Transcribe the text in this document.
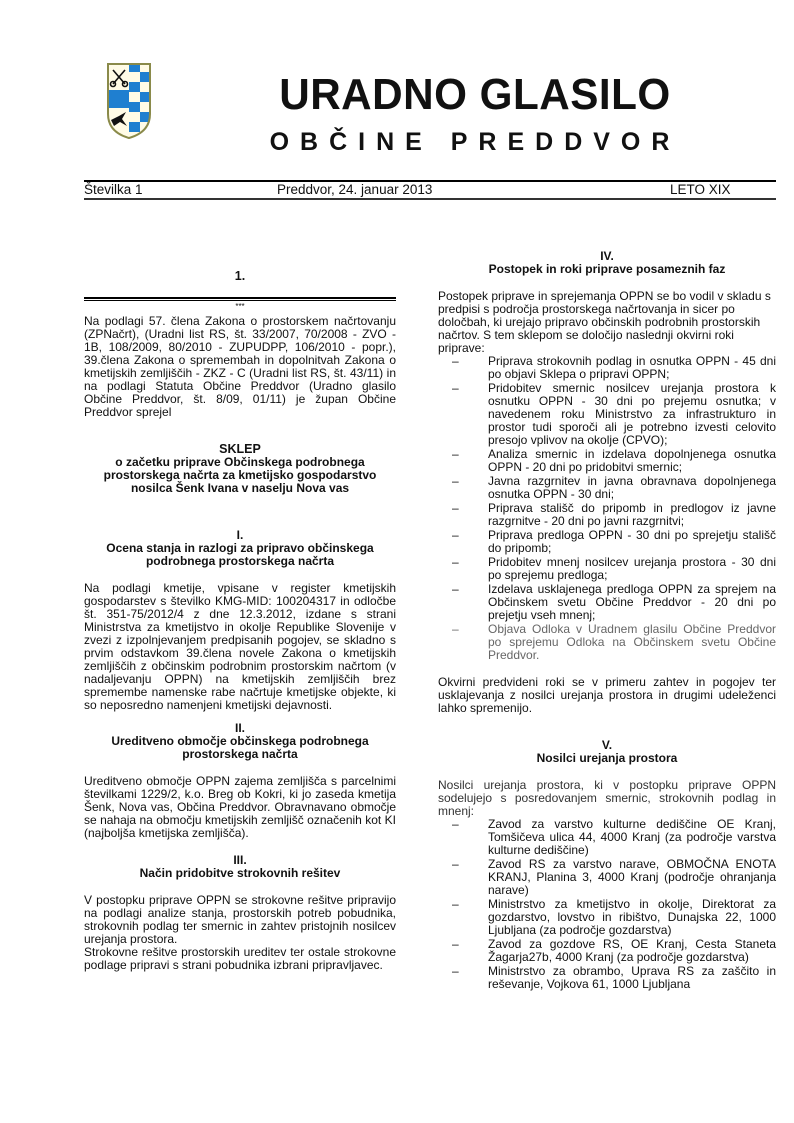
URADNO GLASILO
OBČINE PREDDVOR
Številka 1	Preddvor, 24. januar 2013	LETO XIX
1.
***

Na podlagi 57. člena Zakona o prostorskem načrtovanju (ZPNačrt), (Uradni list RS, št. 33/2007, 70/2008 - ZVO - 1B, 108/2009, 80/2010 - ZUPUDPP, 106/2010 - popr.), 39.člena Zakona o spremembah in dopolnitvah Zakona o kmetijskih zemljiščih - ZKZ - C (Uradni list RS, št. 43/11) in na podlagi Statuta Občine Preddvor (Uradno glasilo Občine Preddvor, št. 8/09, 01/11) je župan Občine Preddvor sprejel

SKLEP
o začetku priprave Občinskega podrobnega prostorskega načrta za kmetijsko gospodarstvo nosilca Šenk Ivana v naselju Nova vas
I.
Ocena stanja in razlogi za pripravo občinskega podrobnega prostorskega načrta

Na podlagi kmetije, vpisane v register kmetijskih gospodarstev s številko KMG-MID: 100204317 in odločbe št. 351-75/2012/4 z dne 12.3.2012, izdane s strani Ministrstva za kmetijstvo in okolje Republike Slovenije v zvezi z izpolnjevanjem predpisanih pogojev, se skladno s prvim odstavkom 39.člena novele Zakona o kmetijskih zemljiščih z občinskim podrobnim prostorskim načrtom (v nadaljevanju OPPN) na kmetijskih zemljiščih brez spremembe namenske rabe načrtuje kmetijske objekte, ki so neposredno namenjeni kmetijski dejavnosti.

II.
Ureditveno območje občinskega podrobnega prostorskega načrta

Ureditveno območje OPPN zajema zemljišča s parcelnimi številkami 1229/2, k.o. Breg ob Kokri, ki jo zaseda kmetija Šenk, Nova vas, Občina Preddvor. Obravnavano območje se nahaja na območju kmetijskih zemljišč označenih kot KI (najboljša kmetijska zemljišča).

III.
Način pridobitve strokovnih rešitev

V postopku priprave OPPN se strokovne rešitve pripravijo na podlagi analize stanja, prostorskih potreb pobudnika, strokovnih podlag ter smernic in zahtev pristojnih nosilcev urejanja prostora.

Strokovne rešitve prostorskih ureditev ter ostale strokovne podlage pripravi s strani pobudnika izbrani pripravljavec.

IV.
Postopek in roki priprave posameznih faz

Postopek priprave in sprejemanja OPPN se bo vodil v skladu s predpisi s področja prostorskega načrtovanja in sicer po določbah, ki urejajo pripravo občinskih podrobnih prostorskih načrtov. S tem sklepom se določijo naslednji okvirni roki priprave:

– Priprava strokovnih podlag in osnutka OPPN - 45 dni po objavi Sklepa o pripravi OPPN;
– Pridobitev smernic nosilcev urejanja prostora k osnutku OPPN - 30 dni po prejemu osnutka; v navedenem roku Ministrstvo za infrastrukturo in prostor tudi sporoči ali je potrebno izvesti celovito presojo vplivov na okolje (CPVO);
– Analiza smernic in izdelava dopolnjenega osnutka OPPN - 20 dni po pridobitvi smernic;
– Javna razgrnitev in javna obravnava dopolnjenega osnutka OPPN - 30 dni;
– Priprava stališč do pripomb in predlogov iz javne razgrnitve - 20 dni po javni razgrnitvi;
– Priprava predloga OPPN - 30 dni po sprejetju stališč do pripomb;
– Pridobitev mnenj nosilcev urejanja prostora - 30 dni po sprejemu predloga;
– Izdelava usklajenega predloga OPPN za sprejem na Občinskem svetu Občine Preddvor - 20 dni po prejetju vseh mnenj;
– Objava Odloka v Uradnem glasilu Občine Preddvor po sprejemu Odloka na Občinskem svetu Občine Preddvor.

Okvirni predvideni roki se v primeru zahtev in pogojev ter usklajevanja z nosilci urejanja prostora in drugimi udeleženci lahko spremenijo.

V.
Nosilci urejanja prostora

Nosilci urejanja prostora, ki v postopku priprave OPPN sodelujejo s posredovanjem smernic, strokovnih podlag in mnenj:

– Zavod za varstvo kulturne dediščine OE Kranj, Tomšičeva ulica 44, 4000 Kranj (za področje varstva kulturne dediščine)
– Zavod RS za varstvo narave, OBMOČNA ENOTA KRANJ, Planina 3, 4000 Kranj (področje ohranjanja narave)
– Ministrstvo za kmetijstvo in okolje, Direktorat za gozdarstvo, lovstvo in ribištvo, Dunajska 22, 1000 Ljubljana (za področje gozdarstva)
– Zavod za gozdove RS, OE Kranj, Cesta Staneta Žagarja27b, 4000 Kranj (za področje gozdarstva)
– Ministrstvo za obrambo, Uprava RS za zaščito in reševanje, Vojkova 61, 1000 Ljubljana
